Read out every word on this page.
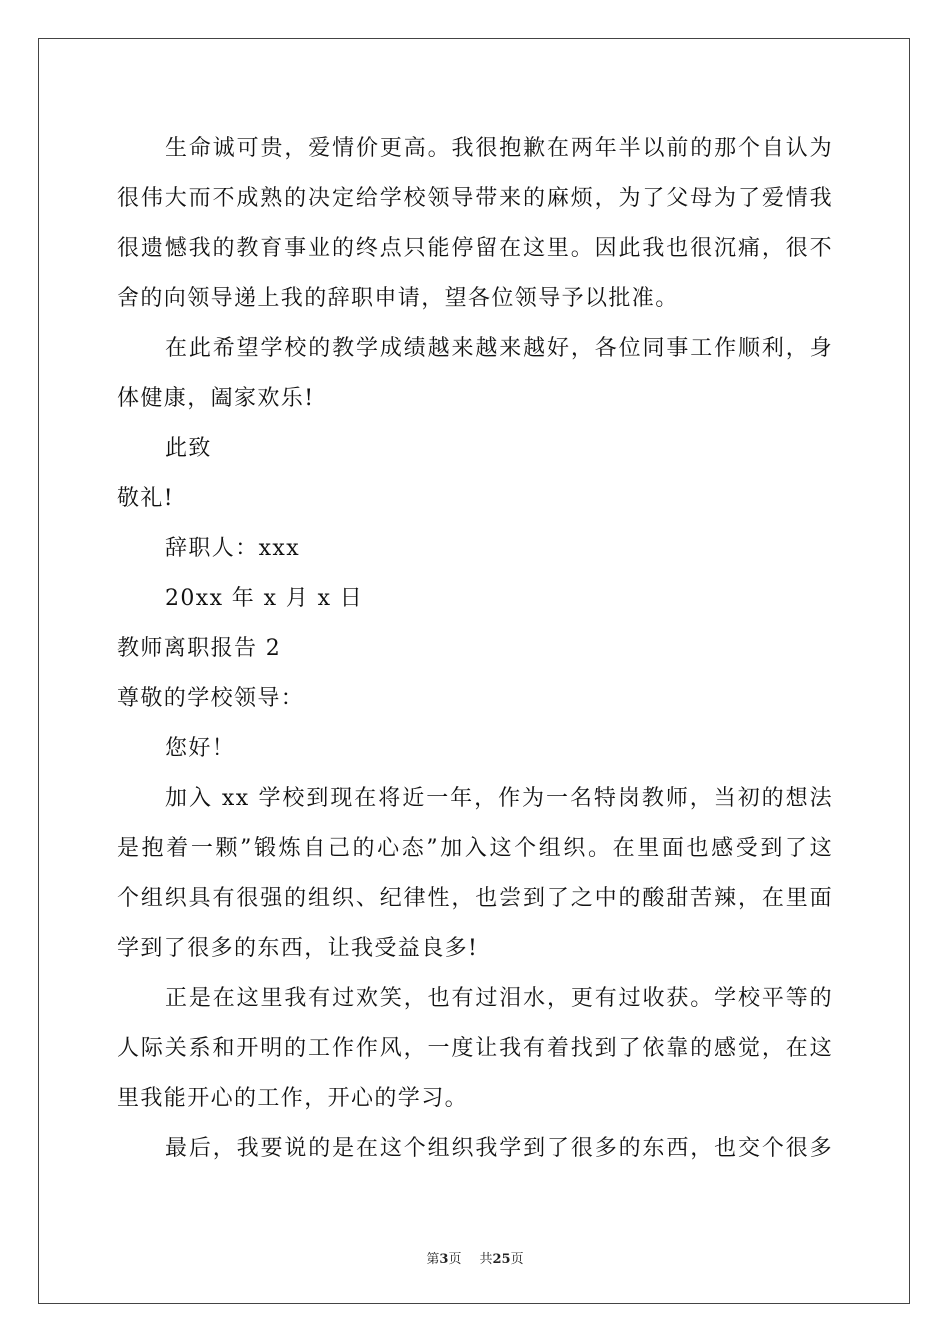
生命诚可贵，爱情价更高。我很抱歉在两年半以前的那个自认为
很伟大而不成熟的决定给学校领导带来的麻烦，为了父母为了爱情我
很遗憾我的教育事业的终点只能停留在这里。因此我也很沉痛，很不
舍的向领导递上我的辞职申请，望各位领导予以批准。
在此希望学校的教学成绩越来越来越好，各位同事工作顺利，身
体健康，阖家欢乐!
此致
敬礼!
辞职人：xxx
20xx 年 x 月 x 日
教师离职报告 2
尊敬的学校领导：
您好！
加入 xx 学校到现在将近一年，作为一名特岗教师，当初的想法
是抱着一颗”锻炼自己的心态”加入这个组织。在里面也感受到了这
个组织具有很强的组织、纪律性，也尝到了之中的酸甜苦辣，在里面
学到了很多的东西，让我受益良多!
正是在这里我有过欢笑，也有过泪水，更有过收获。学校平等的
人际关系和开明的工作作风，一度让我有着找到了依靠的感觉，在这
里我能开心的工作，开心的学习。
最后，我要说的是在这个组织我学到了很多的东西，也交个很多
第3页 共25页
